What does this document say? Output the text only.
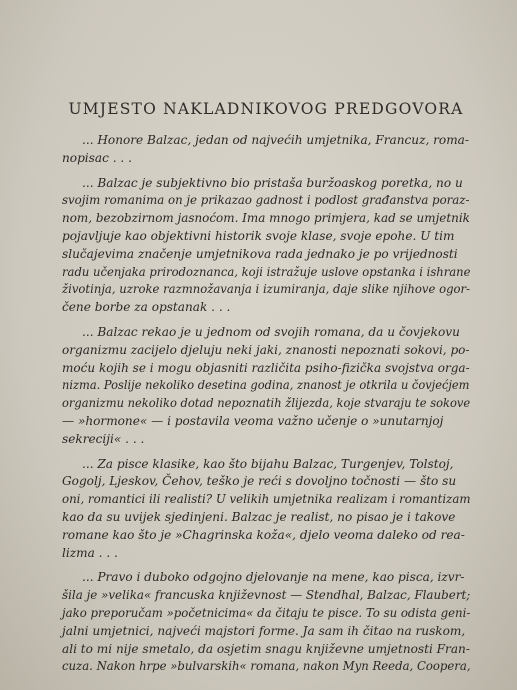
UMJESTO NAKLADNIKOVOG PREDGOVORA

... Honore Balzac, jedan od najvećih umjetnika, Francuz, roma-
nopisac . . .

... Balzac je subjektivno bio pristaša buržoaskog poretka, no u
svojim romanima on je prikazao gadnost i podlost građanstva poraz-
nom, bezobzirnom jasnoćom. Ima mnogo primjera, kad se umjetnik
pojavljuje kao objektivni historik svoje klase, svoje epohe. U tim
slučajevima značenje umjetnikova rada jednako je po vrijednosti
radu učenjaka prirodoznanca, koji istražuje uslove opstanka i ishrane
životinja, uzroke razmnožavanja i izumiranja, daje slike njihove ogor-
čene borbe za opstanak . . .

... Balzac rekao je u jednom od svojih romana, da u čovjekovu
organizmu zacijelo djeluju neki jaki, znanosti nepoznati sokovi, po-
moću kojih se i mogu objasniti različita psiho-fizička svojstva orga-
nizma. Poslije nekoliko desetina godina, znanost je otkrila u čovjećjem
organizmu nekoliko dotad nepoznatih žlijezda, koje stvaraju te sokove
— »hormone« — i postavila veoma važno učenje o »unutarnjoj
sekreciji« . . .

... Za pisce klasike, kao što bijahu Balzac, Turgenjev, Tolstoj,
Gogolj, Ljeskov, Čehov, teško je reći s dovoljno točnosti — što su
oni, romantici ili realisti? U velikih umjetnika realizam i romantizam
kao da su uvijek sjedinjeni. Balzac je realist, no pisao je i takove
romane kao što je »Chagrinska koža«, djelo veoma daleko od rea-
lizma . . .

... Pravo i duboko odgojno djelovanje na mene, kao pisca, izvr-
šila je »velika« francuska književnost — Stendhal, Balzac, Flaubert;
jako preporučam »početnicima« da čitaju te pisce. To su odista geni-
jalni umjetnici, najveći majstori forme. Ja sam ih čitao na ruskom,
ali to mi nije smetalo, da osjetim snagu književne umjetnosti Fran-
cuza. Nakon hrpe »bulvarskih« romana, nakon Myn Reeda, Coopera,
